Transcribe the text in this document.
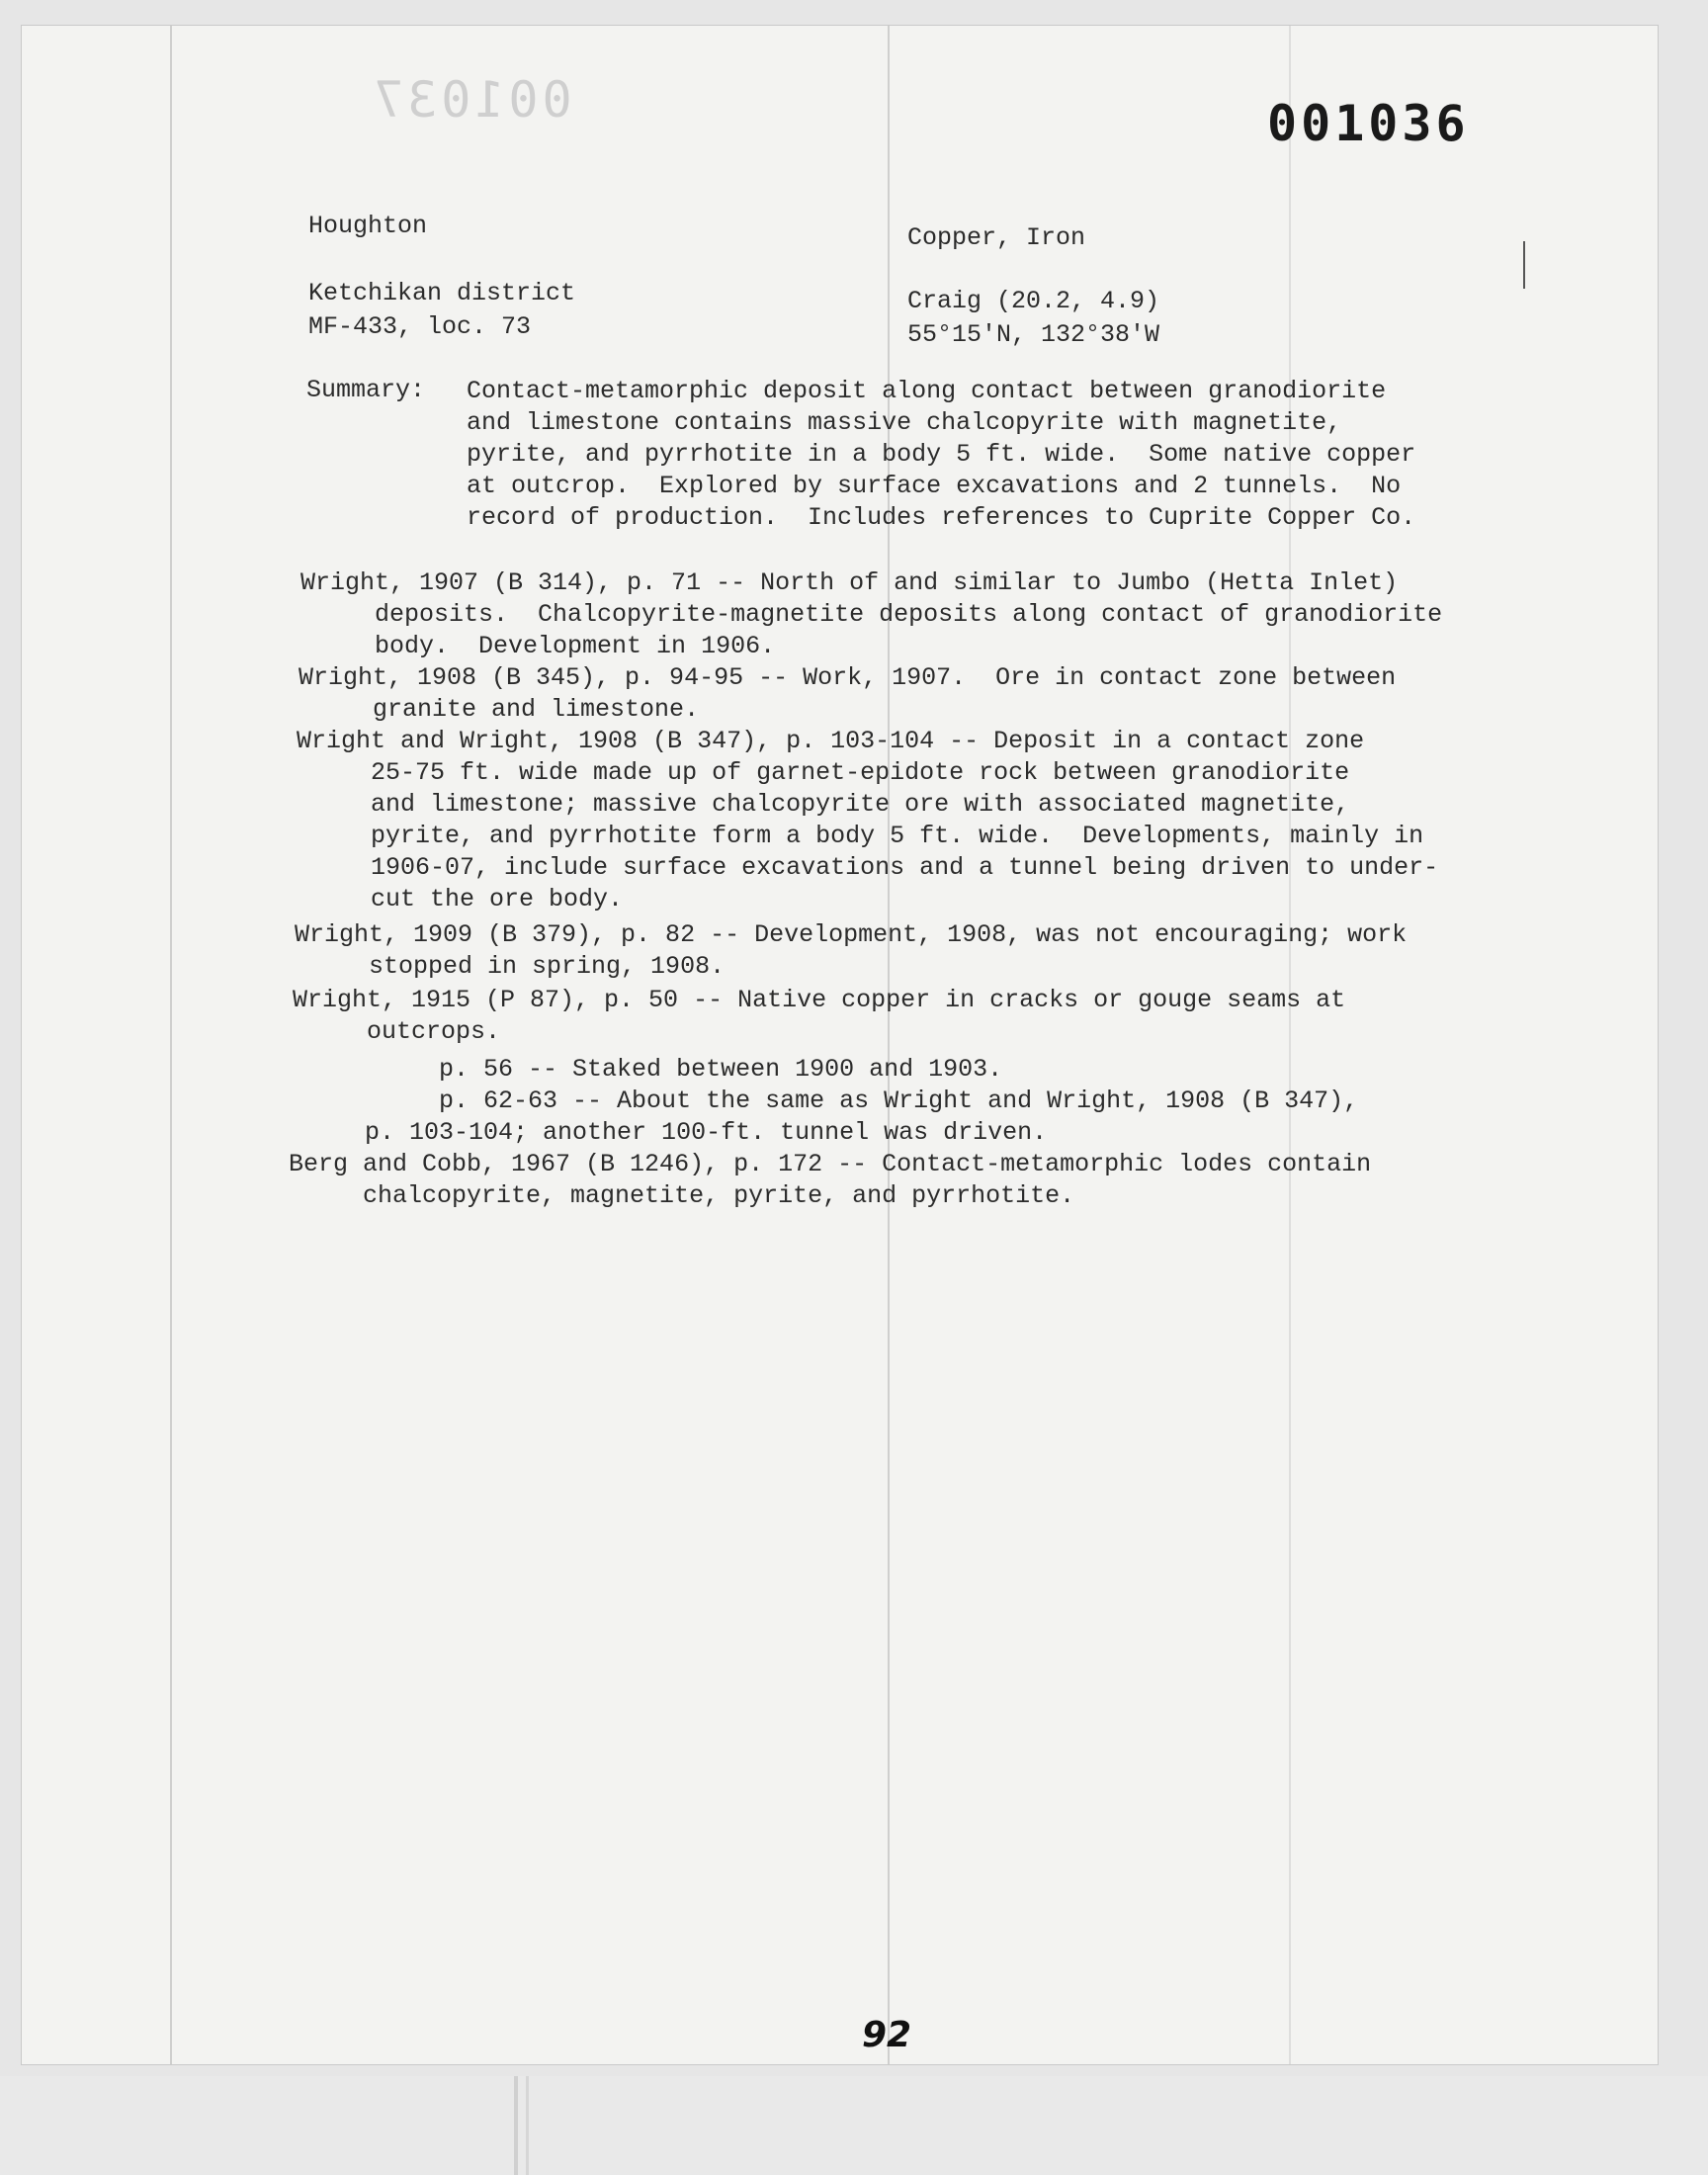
001037	001036
Houghton	Copper, Iron
Ketchikan district
MF-433, loc. 73
Craig (20.2, 4.9)
55°15'N, 132°38'W
Summary: Contact-metamorphic deposit along contact between granodiorite
and limestone contains massive chalcopyrite with magnetite,
pyrite, and pyrrhotite in a body 5 ft. wide.  Some native copper
at outcrop.  Explored by surface excavations and 2 tunnels.  No
record of production.  Includes references to Cuprite Copper Co.
Wright, 1907 (B 314), p. 71 -- North of and similar to Jumbo (Hetta Inlet)
deposits.  Chalcopyrite-magnetite deposits along contact of granodiorite
body.  Development in 1906.
Wright, 1908 (B 345), p. 94-95 -- Work, 1907.  Ore in contact zone between
granite and limestone.
Wright and Wright, 1908 (B 347), p. 103-104 -- Deposit in a contact zone
25-75 ft. wide made up of garnet-epidote rock between granodiorite
and limestone; massive chalcopyrite ore with associated magnetite,
pyrite, and pyrrhotite form a body 5 ft. wide.  Developments, mainly in
1906-07, include surface excavations and a tunnel being driven to under-
cut the ore body.
Wright, 1909 (B 379), p. 82 -- Development, 1908, was not encouraging; work
stopped in spring, 1908.
Wright, 1915 (P 87), p. 50 -- Native copper in cracks or gouge seams at
outcrops.
p. 56 -- Staked between 1900 and 1903.
p. 62-63 -- About the same as Wright and Wright, 1908 (B 347),
p. 103-104; another 100-ft. tunnel was driven.
Berg and Cobb, 1967 (B 1246), p. 172 -- Contact-metamorphic lodes contain
chalcopyrite, magnetite, pyrite, and pyrrhotite.
92
